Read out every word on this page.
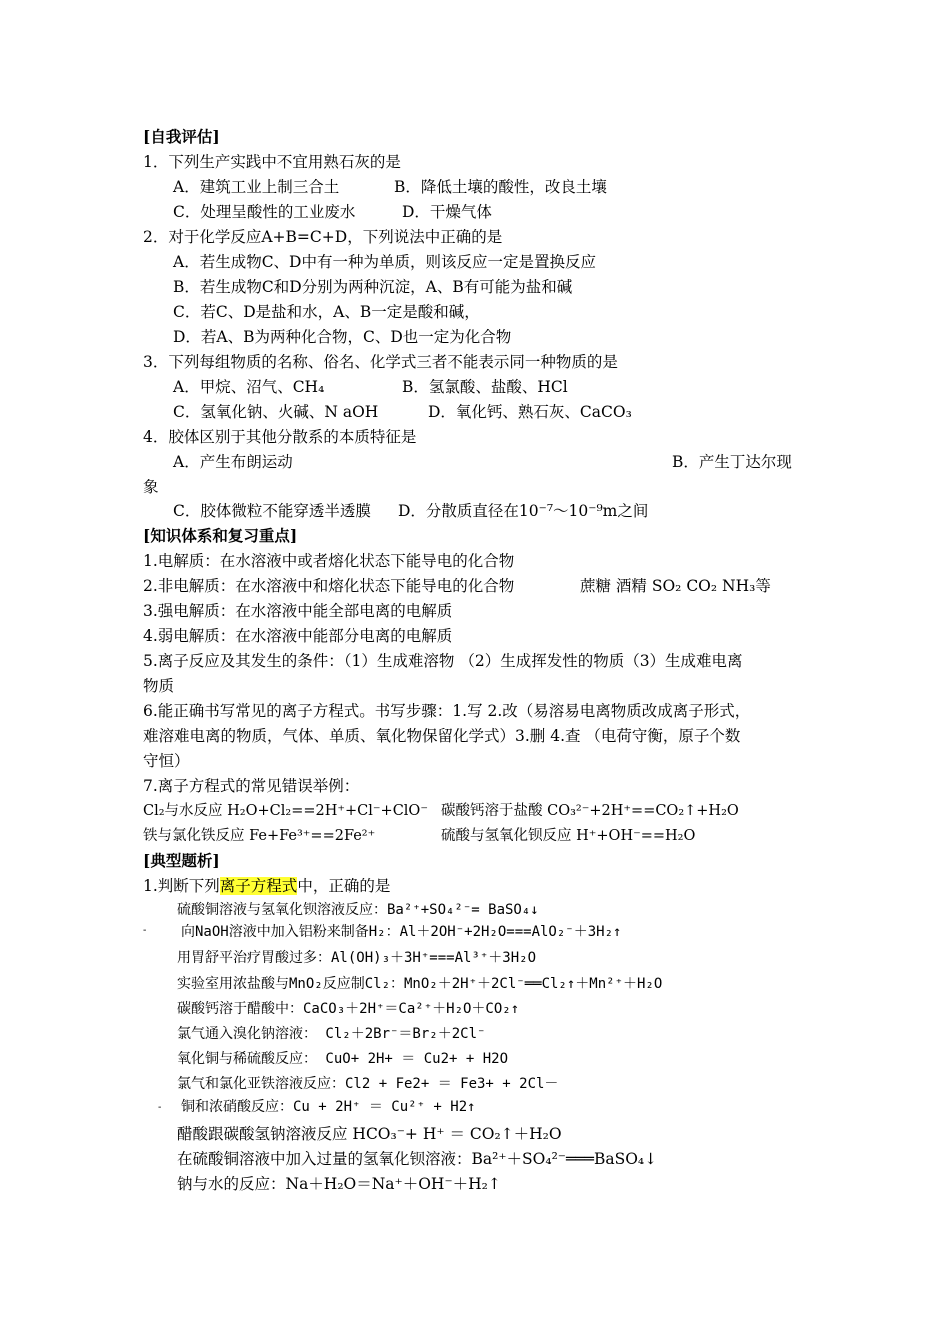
[自我评估]
1．下列生产实践中不宜用熟石灰的是
A．建筑工业上制三合土	B．降低土壤的酸性，改良土壤
C．处理呈酸性的工业废水	D．干燥气体
2．对于化学反应A+B=C+D，下列说法中正确的是
A．若生成物C、D中有一种为单质，则该反应一定是置换反应
B．若生成物C和D分别为两种沉淀，A、B有可能为盐和碱
C．若C、D是盐和水，A、B一定是酸和碱，
D．若A、B为两种化合物，C、D也一定为化合物
3．下列每组物质的名称、俗名、化学式三者不能表示同一种物质的是
A．甲烷、沼气、CH₄	B．氢氯酸、盐酸、HCl
C．氢氧化钠、火碱、N aOH	D．氧化钙、熟石灰、CaCO₃
4．胶体区别于其他分散系的本质特征是
A．产生布朗运动	B．产生丁达尔现
象
C．胶体微粒不能穿透半透膜 D．分散质直径在10⁻⁷～10⁻⁹m之间
[知识体系和复习重点]
1.电解质：在水溶液中或者熔化状态下能导电的化合物
2.非电解质：在水溶液中和熔化状态下能导电的化合物	蔗糖 酒精 SO₂ CO₂ NH₃等
3.强电解质：在水溶液中能全部电离的电解质
4.弱电解质：在水溶液中能部分电离的电解质
5.离子反应及其发生的条件：（1）生成难溶物 （2）生成挥发性的物质（3）生成难电离
物质
6.能正确书写常见的离子方程式。书写步骤：1.写 2.改（易溶易电离物质改成离子形式，
难溶难电离的物质，气体、单质、氧化物保留化学式）3.删 4.查 （电荷守衡，原子个数
守恒）
7.离子方程式的常见错误举例：
Cl₂与水反应 H₂O+Cl₂==2H⁺+Cl⁻+ClO⁻ 碳酸钙溶于盐酸 CO₃²⁻+2H⁺==CO₂↑+H₂O
铁与氯化铁反应 Fe+Fe³⁺==2Fe²⁺	硫酸与氢氧化钡反应 H⁺+OH⁻==H₂O
[典型题析]
1.判断下列离子方程式中，正确的是
硫酸铜溶液与氢氧化钡溶液反应：Ba²⁺+SO₄²⁻= BaSO₄↓
- 向NaOH溶液中加入铝粉来制备H₂：Al＋2OH⁻+2H₂O===AlO₂⁻＋3H₂↑
用胃舒平治疗胃酸过多：Al(OH)₃＋3H⁺===Al³⁺＋3H₂O
实验室用浓盐酸与MnO₂反应制Cl₂：MnO₂＋2H⁺＋2Cl⁻══Cl₂↑＋Mn²⁺＋H₂O
碳酸钙溶于醋酸中：CaCO₃＋2H⁺＝Ca²⁺＋H₂O＋CO₂↑
氯气通入溴化钠溶液： Cl₂＋2Br⁻＝Br₂＋2Cl⁻
氧化铜与稀硫酸反应： CuO+ 2H+ ＝ Cu2+ + H2O
氯气和氯化亚铁溶液反应：Cl2 + Fe2+ ＝ Fe3+ + 2Cl－
- 铜和浓硝酸反应：Cu + 2H⁺ ＝ Cu²⁺ + H2↑
醋酸跟碳酸氢钠溶液反应 HCO₃⁻+ H⁺ ＝ CO₂↑＋H₂O
在硫酸铜溶液中加入过量的氢氧化钡溶液：Ba²⁺＋SO₄²⁻═══BaSO₄↓
钠与水的反应：Na＋H₂O＝Na⁺＋OH⁻＋H₂↑
